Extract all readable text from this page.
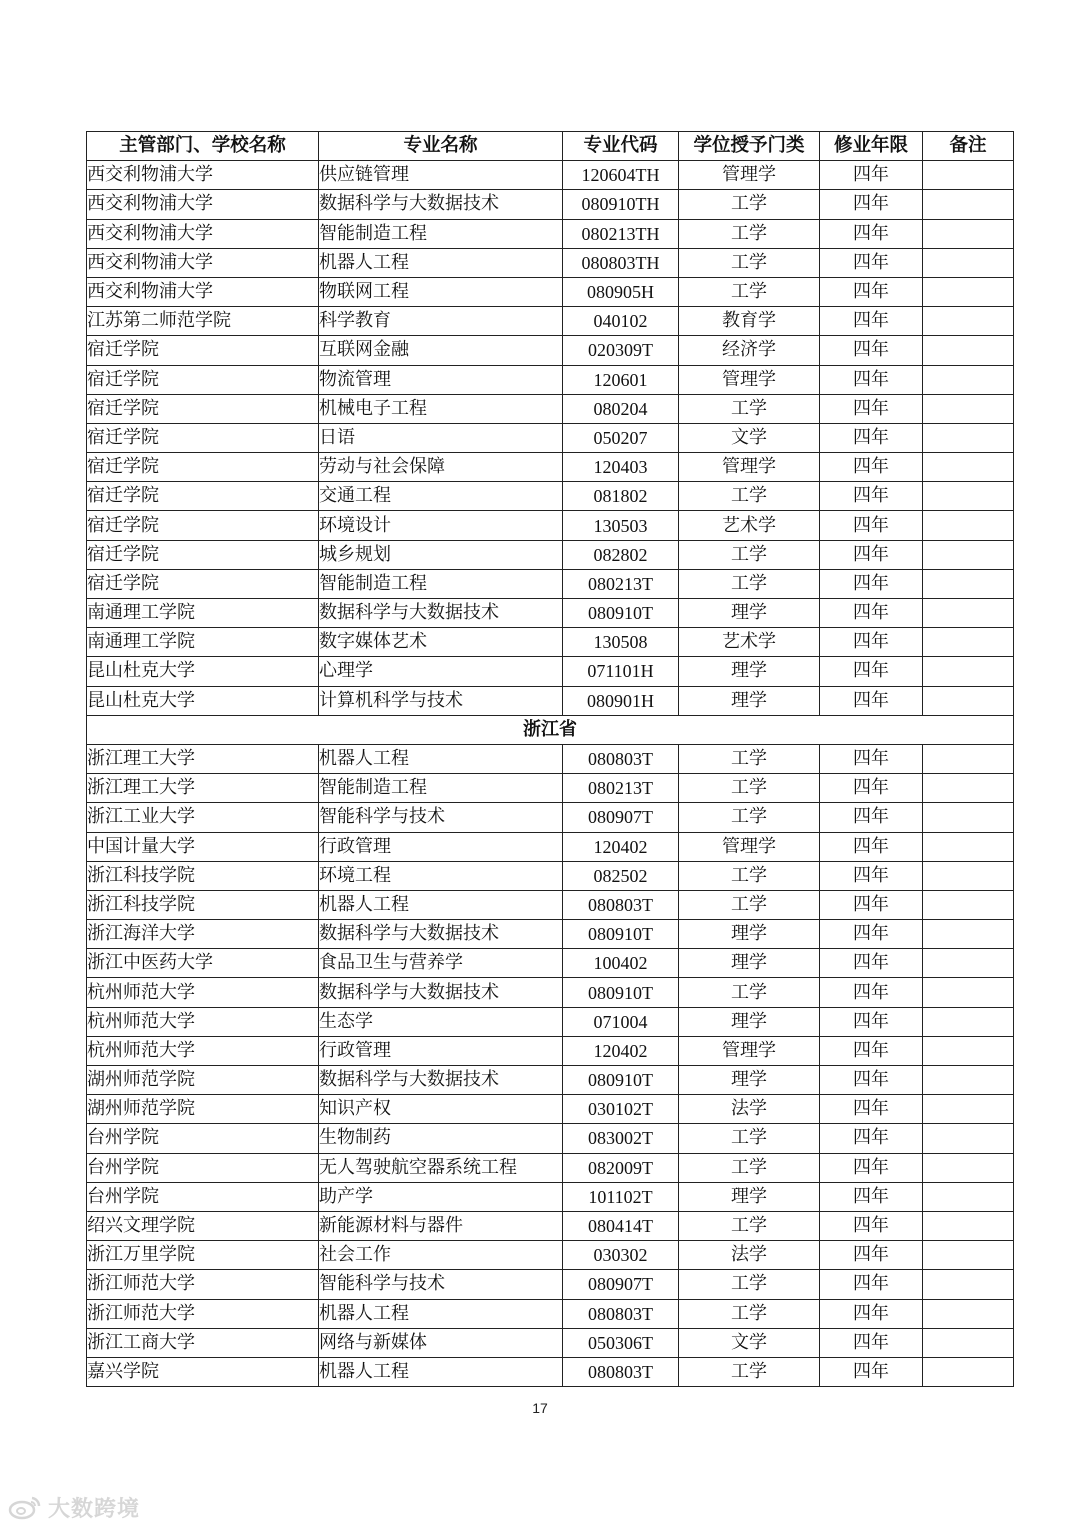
主管部门、学校名称	专业名称	专业代码	学位授予门类	修业年限	备注
西交利物浦大学	供应链管理	120604TH	管理学	四年	
西交利物浦大学	数据科学与大数据技术	080910TH	工学	四年	
西交利物浦大学	智能制造工程	080213TH	工学	四年	
西交利物浦大学	机器人工程	080803TH	工学	四年	
西交利物浦大学	物联网工程	080905H	工学	四年	
江苏第二师范学院	科学教育	040102	教育学	四年	
宿迁学院	互联网金融	020309T	经济学	四年	
宿迁学院	物流管理	120601	管理学	四年	
宿迁学院	机械电子工程	080204	工学	四年	
宿迁学院	日语	050207	文学	四年	
宿迁学院	劳动与社会保障	120403	管理学	四年	
宿迁学院	交通工程	081802	工学	四年	
宿迁学院	环境设计	130503	艺术学	四年	
宿迁学院	城乡规划	082802	工学	四年	
宿迁学院	智能制造工程	080213T	工学	四年	
南通理工学院	数据科学与大数据技术	080910T	理学	四年	
南通理工学院	数字媒体艺术	130508	艺术学	四年	
昆山杜克大学	心理学	071101H	理学	四年	
昆山杜克大学	计算机科学与技术	080901H	理学	四年	
浙江省					
浙江理工大学	机器人工程	080803T	工学	四年	
浙江理工大学	智能制造工程	080213T	工学	四年	
浙江工业大学	智能科学与技术	080907T	工学	四年	
中国计量大学	行政管理	120402	管理学	四年	
浙江科技学院	环境工程	082502	工学	四年	
浙江科技学院	机器人工程	080803T	工学	四年	
浙江海洋大学	数据科学与大数据技术	080910T	理学	四年	
浙江中医药大学	食品卫生与营养学	100402	理学	四年	
杭州师范大学	数据科学与大数据技术	080910T	工学	四年	
杭州师范大学	生态学	071004	理学	四年	
杭州师范大学	行政管理	120402	管理学	四年	
湖州师范学院	数据科学与大数据技术	080910T	理学	四年	
湖州师范学院	知识产权	030102T	法学	四年	
台州学院	生物制药	083002T	工学	四年	
台州学院	无人驾驶航空器系统工程	082009T	工学	四年	
台州学院	助产学	101102T	理学	四年	
绍兴文理学院	新能源材料与器件	080414T	工学	四年	
浙江万里学院	社会工作	030302	法学	四年	
浙江师范大学	智能科学与技术	080907T	工学	四年	
浙江师范大学	机器人工程	080803T	工学	四年	
浙江工商大学	网络与新媒体	050306T	文学	四年	
嘉兴学院	机器人工程	080803T	工学	四年	
17
大数跨境
